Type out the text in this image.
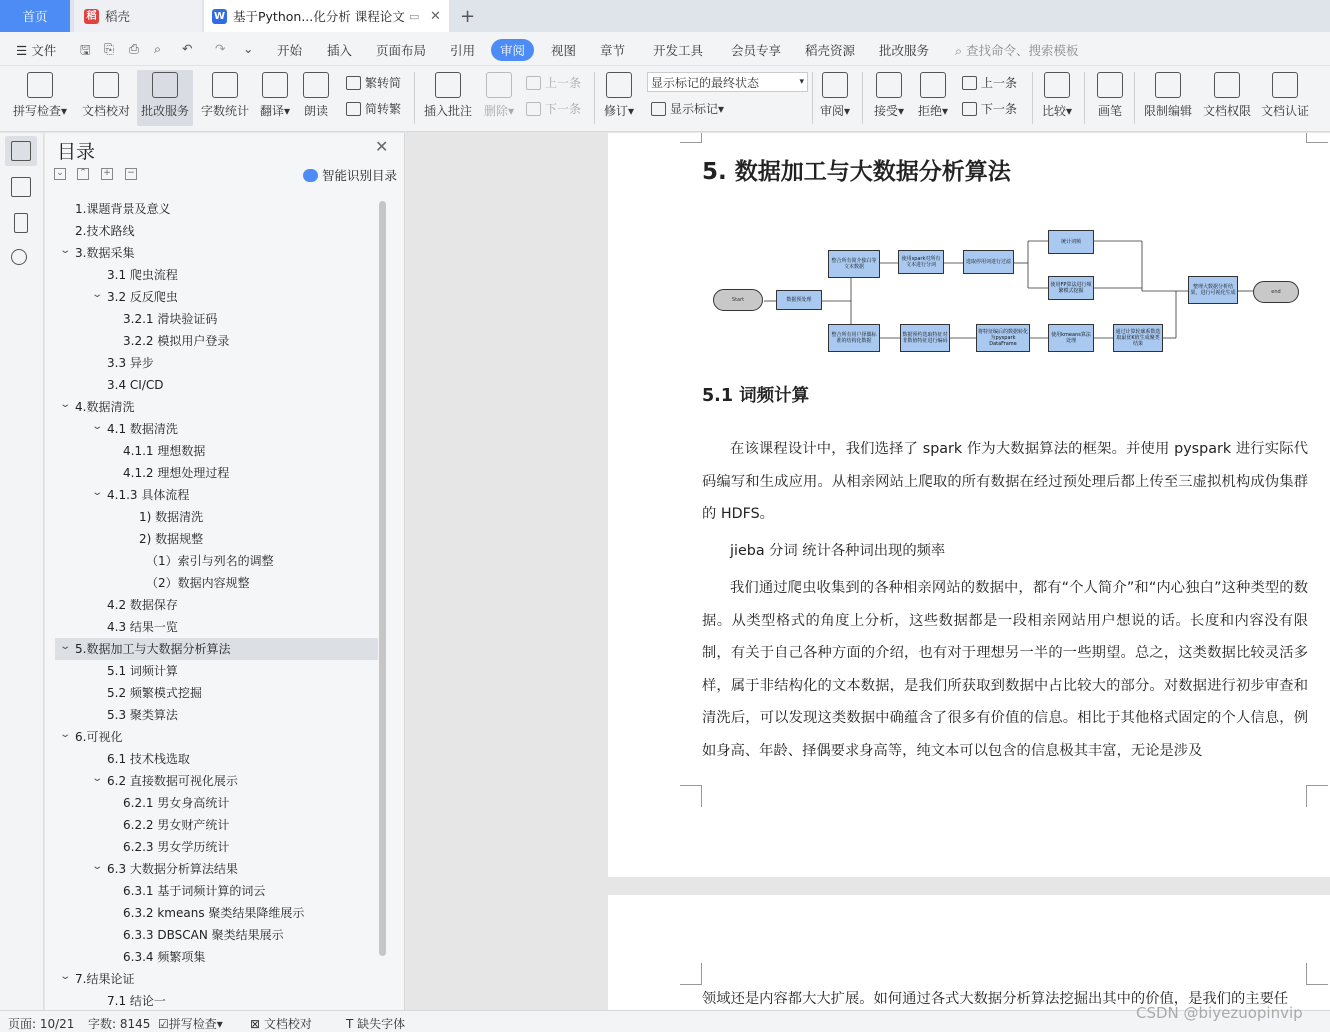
首页	稻 稻壳	W 基于Python...化分析 课程论文 ▭ ✕ +
☰ 文件 🖫 ⎘ ⎙ ⌕ ↶ ↷ ⌄ 开始 插入 页面布局 引用	审阅	视图 章节 开发工具 会员专享 稻壳资源 批改服务 ⌕ 查找命令、搜索模板
拼写检查▾	文档校对 批改服务 字数统计 翻译▾	朗读
繁转简
简转繁 插入批注 删除▾
上一条
下一条	修订▾
显示标记的最终状态	▾
显示标记 ▾	审阅▾	接受▾	拒绝▾
上一条
下一条	比较▾	画笔	限制编辑 文档权限 文档认证
目录	✕
⌄ ⌃ + −	智能识别目录
1.课题背景及意义
2.技术路线
3.数据采集
⌄
3.1 爬虫流程
3.2 反反爬虫
⌄
3.2.1 滑块验证码
3.2.2 模拟用户登录
3.3 异步
3.4 CI/CD
4.数据清洗
⌄
4.1 数据清洗
⌄
4.1.1 理想数据
4.1.2 理想处理过程
4.1.3 具体流程
⌄
1) 数据清洗
2) 数据规整
（1）索引与列名的调整
（2）数据内容规整
4.2 数据保存
4.3 结果一览
5.数据加工与大数据分析算法
⌄
5.1 词频计算
5.2 频繁模式挖掘
5.3 聚类算法
6.可视化
⌄
6.1 技术栈选取
6.2 直接数据可视化展示
⌄
6.2.1 男女身高统计
6.2.2 男女财产统计
6.2.3 男女学历统计
6.3 大数据分析算法结果
⌄
6.3.1 基于词频计算的词云
6.3.2 kmeans 聚类结果降维展示
6.3.3 DBSCAN 聚类结果展示
6.3.4 频繁项集
7.结果论证
⌄
7.1 结论一
5. 数据加工与大数据分析算法
Start	数据预处理
整合所有简介独白等文本数据
使用spark对所有文本进行分词	选取停用词进行过滤
统计词频
使用FP算法进行频繁模式挖掘
整理大数据分析结果，进行可视化生成	end
整合所有用户择偶标准的结构化数据
数据预约选取特征对非数值特征进行编码
将特征编后的数据转化为pyspark DataFrame
使用kmeans算法处理
通过计算轮廓系数选取最优K值生成聚类结果
5.1 词频计算
在该课程设计中，我们选择了 spark 作为大数据算法的框架。并使用 pyspark 进行实际代码编写和生成应用。从相亲网站上爬取的所有数据在经过预处理后都上传至三虚拟机构成伪集群的 HDFS。
jieba 分词 统计各种词出现的频率
我们通过爬虫收集到的各种相亲网站的数据中，都有“个人简介”和“内心独白”这种类型的数据。从类型格式的角度上分析，这些数据都是一段相亲网站用户想说的话。长度和内容没有限制，有关于自己各种方面的介绍，也有对于理想另一半的一些期望。总之，这类数据比较灵活多样，属于非结构化的文本数据，是我们所获取到数据中占比较大的部分。对数据进行初步审查和清洗后，可以发现这类数据中确蕴含了很多有价值的信息。相比于其他格式固定的个人信息，例如身高、年龄、择偶要求身高等，纯文本可以包含的信息极其丰富，无论是涉及
领域还是内容都大大扩展。如何通过各式大数据分析算法挖掘出其中的价值，是我们的主要任
页面: 10/21 字数: 8145 ☑拼写检查▾ ⊠ 文档校对	T 缺失字体
CSDN @biyezuopinvip
